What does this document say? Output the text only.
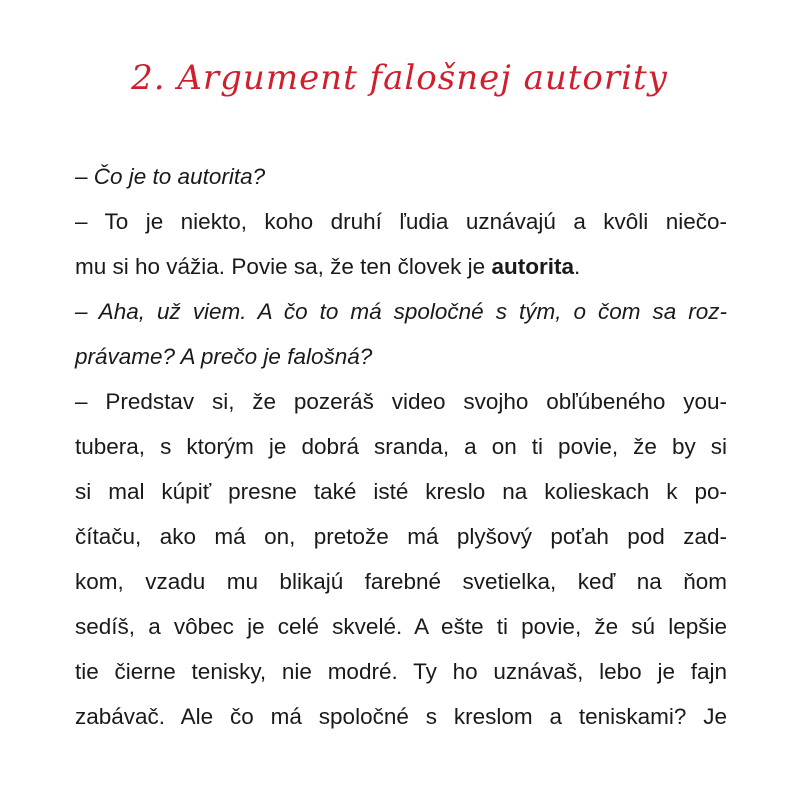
2. Argument falošnej autority
– Čo je to autorita?
– To je niekto, koho druhí ľudia uznávajú a kvôli niečo-
mu si ho vážia. Povie sa, že ten človek je autorita.
– Aha, už viem. A čo to má spoločné s tým, o čom sa roz-
právame? A prečo je falošná?
– Predstav si, že pozeráš video svojho obľúbeného you-
tubera, s ktorým je dobrá sranda, a on ti povie, že by si
si mal kúpiť presne také isté kreslo na kolieskach k po-
čítaču, ako má on, pretože má plyšový poťah pod zad-
kom, vzadu mu blikajú farebné svetielka, keď na ňom
sedíš, a vôbec je celé skvelé. A ešte ti povie, že sú lepšie
tie čierne tenisky, nie modré. Ty ho uznávaš, lebo je fajn
zabávač. Ale čo má spoločné s kreslom a teniskami? Je
